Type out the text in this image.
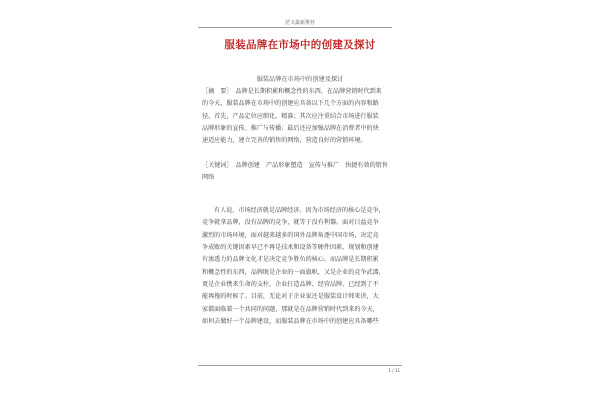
范文最新推荐
服装品牌在市场中的创建及探讨
服装品牌在市场中的创建及探讨
［摘　要］　品牌是长期积累和概念性的东西，在品牌营销时代到来
的今天，服装品牌在市场中的创建应具备以下几个方面的内容和路
径。首先，产品定位应细化、精准；其次应注重结合市场进行服装
品牌形象的宣传、推广与传播；最后还应加强品牌在消费者中的快
速适应能力，建立完善的销售的网络，营造良好的营销环境。
［关键词］　品牌创建　产品形象塑造　宣传与推广　快捷有效的销售
网络
有人说，市场经济就是品牌经济。因为市场经济的核心是竞争，
竞争就拿品牌，没有品牌的竞争，就等于没有利器。面对日益竞争
激烈的市场环境，面对越来越多的国外品牌角逐中国市场，决定竞
争成败的关键因素早已不再是技术和设备等硬件因素，规划和创建
有渗透力的品牌文化才是决定竞争胜负的核心。而品牌是长期积累
和概念性的东西，品牌既是企业的一面旗帜，又是企业的竞争武器，
更是企业携来生命的支柱，企业打造品牌、经营品牌，已经到了不
能再拖的时候了。目前，无论对于企业家还是服装设计师来讲，大
家都面临着一个共同的问题，那就是在品牌营销时代到来的今天，
如何去做好一个品牌建设，而服装品牌在市场中的创建应具备哪些
1 / 11
